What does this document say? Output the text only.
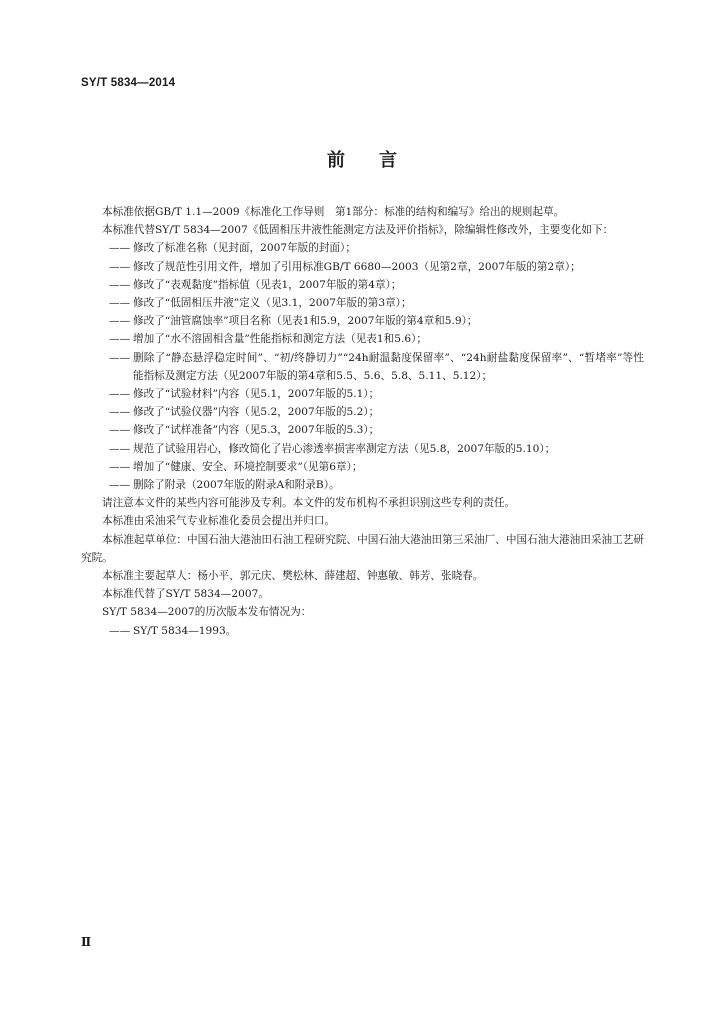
SY/T 5834—2014
前言

本标准依据GB/T 1.1—2009《标准化工作导则　第1部分：标准的结构和编写》给出的规则起草。

本标准代替SY/T 5834—2007《低固相压井液性能测定方法及评价指标》，除编辑性修改外，主要变化如下：

—— 修改了标准名称（见封面，2007年版的封面）；
—— 修改了规范性引用文件，增加了引用标准GB/T 6680—2003（见第2章，2007年版的第2章）；
—— 修改了“表观黏度”指标值（见表1，2007年版的第4章）；
—— 修改了“低固相压井液”定义（见3.1，2007年版的第3章）；
—— 修改了“油管腐蚀率”项目名称（见表1和5.9，2007年版的第4章和5.9）；
—— 增加了“水不溶固相含量”性能指标和测定方法（见表1和5.6）；
—— 删除了“静态悬浮稳定时间”、“初/终静切力”“24h耐温黏度保留率”、“24h耐盐黏度保留率”、“暂堵率”等性能指标及测定方法（见2007年版的第4章和5.5、5.6、5.8、5.11、5.12）；
—— 修改了“试验材料”内容（见5.1，2007年版的5.1）；
—— 修改了“试验仪器”内容（见5.2，2007年版的5.2）；
—— 修改了“试样准备”内容（见5.3，2007年版的5.3）；
—— 规范了试验用岩心，修改简化了岩心渗透率损害率测定方法（见5.8，2007年版的5.10）；
—— 增加了“健康、安全、环境控制要求”（见第6章）；
—— 删除了附录（2007年版的附录A和附录B）。

请注意本文件的某些内容可能涉及专利。本文件的发布机构不承担识别这些专利的责任。

本标准由采油采气专业标准化委员会提出并归口。

本标准起草单位：中国石油大港油田石油工程研究院、中国石油大港油田第三采油厂、中国石油大港油田采油工艺研究院。

本标准主要起草人：杨小平、郭元庆、樊松林、薛建超、钟惠敏、韩芳、张晓春。

本标准代替了SY/T 5834—2007。

SY/T 5834—2007的历次版本发布情况为：

—— SY/T 5834—1993。
Ⅱ
